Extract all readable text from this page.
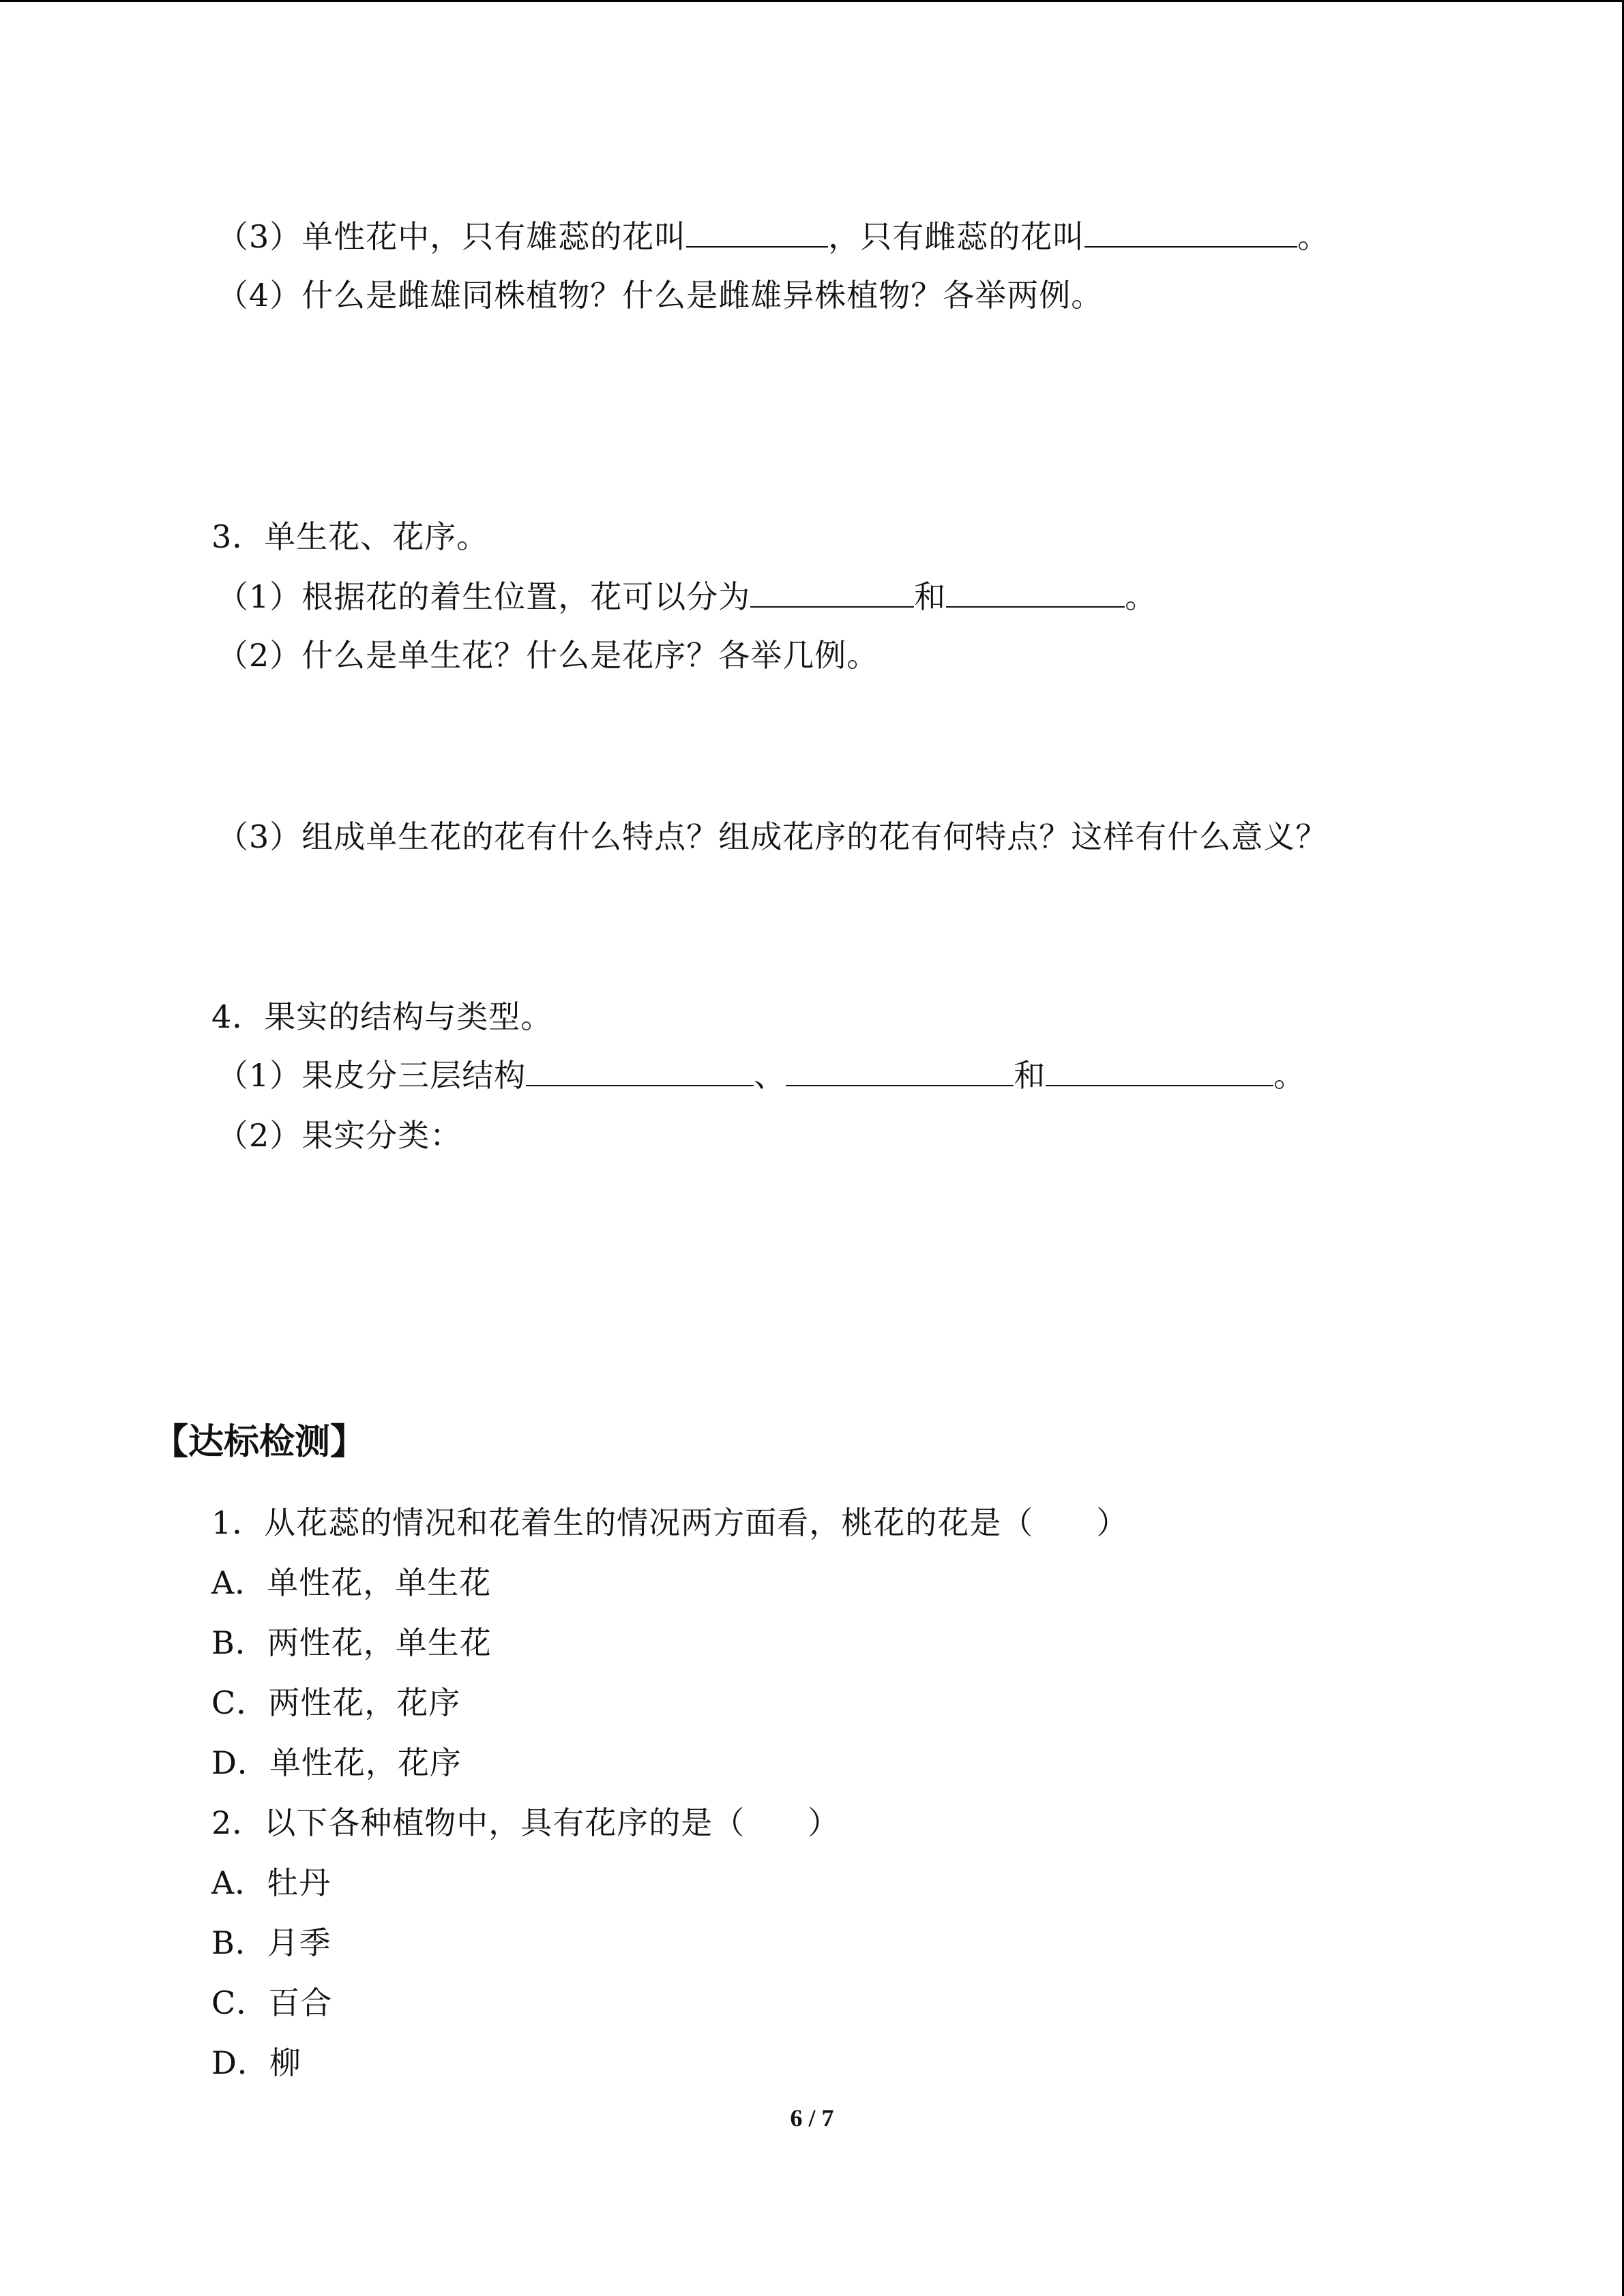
（3）单性花中，只有雄蕊的花叫	，只有雌蕊的花叫	。
（4）什么是雌雄同株植物？什么是雌雄异株植物？各举两例。
3．单生花、花序。
（1）根据花的着生位置，花可以分为	和	。
（2）什么是单生花？什么是花序？各举几例。
（3）组成单生花的花有什么特点？组成花序的花有何特点？这样有什么意义？
4．果实的结构与类型。
（1）果皮分三层结构	、	和	。
（2）果实分类：
【达标检测】
1．从花蕊的情况和花着生的情况两方面看，桃花的花是（ ）
A．单性花，单生花
B．两性花，单生花
C．两性花，花序
D．单性花，花序
2．以下各种植物中，具有花序的是（ ）
A．牡丹
B．月季
C．百合
D．柳
6 / 7
